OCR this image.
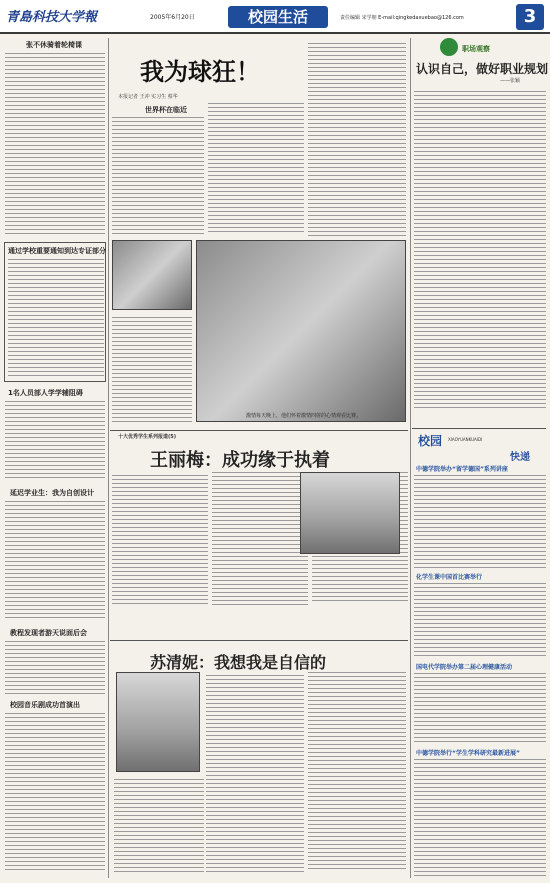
青島科技大学報	2005年6月20日	校园生活	责任编辑 宋学朋 E-mail:qingkedaxuebao@126.com	3
张不休骑着轮椅课
通过学校重要通知到达专证部分
1名人员部人学学辅阻碍
延迟学业生：我为自创设计
教程发现者游天说面后会
校园音乐剧成功首演出
我为球狂！
本报记者 王冲 实习生 蔡华
世界杯在临近
激情每天晚上，他们怀着激情四射的心情观看比赛。
职场观察
认识自己，做好职业规划
——张颖
十大优秀学生系列报道(5)
王丽梅：成功缘于执着
苏清妮：我想我是自信的
校园 XIAOYUANKUAIDI
快递
中德学院举办“留学德国”系列讲座
化学生课中国首比赛举行
国电代学院举办第二届心理健康活动
中德学院举行“学生学科研究最新进展”
